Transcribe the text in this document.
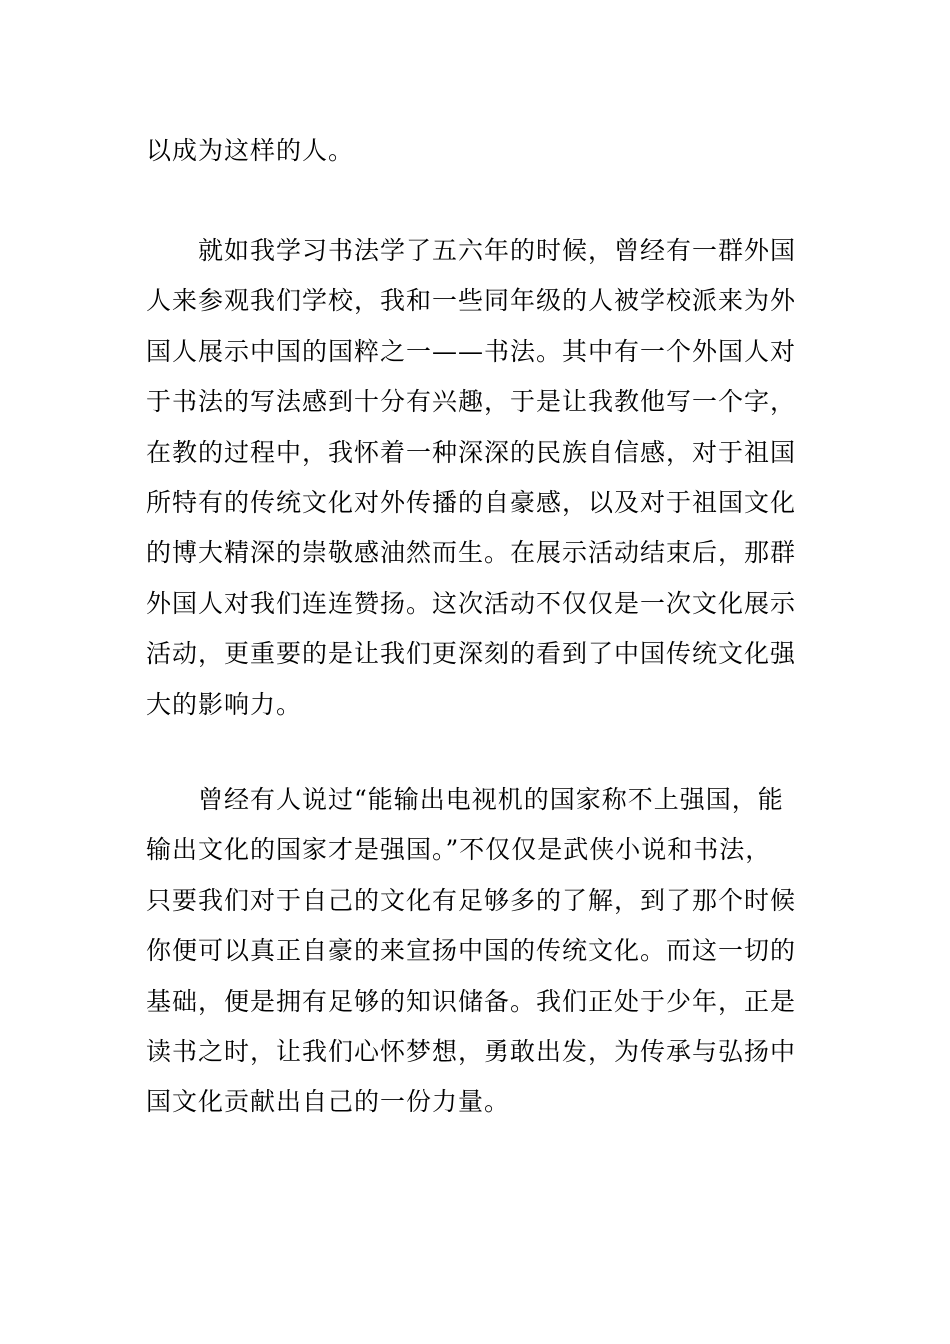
以成为这样的人。
就如我学习书法学了五六年的时候，曾经有一群外国
人来参观我们学校，我和一些同年级的人被学校派来为外
国人展示中国的国粹之一——书法。其中有一个外国人对
于书法的写法感到十分有兴趣，于是让我教他写一个字，
在教的过程中，我怀着一种深深的民族自信感，对于祖国
所特有的传统文化对外传播的自豪感，以及对于祖国文化
的博大精深的崇敬感油然而生。在展示活动结束后，那群
外国人对我们连连赞扬。这次活动不仅仅是一次文化展示
活动，更重要的是让我们更深刻的看到了中国传统文化强
大的影响力。
曾经有人说过“能输出电视机的国家称不上强国，能
输出文化的国家才是强国。”不仅仅是武侠小说和书法，
只要我们对于自己的文化有足够多的了解，到了那个时候
你便可以真正自豪的来宣扬中国的传统文化。而这一切的
基础，便是拥有足够的知识储备。我们正处于少年，正是
读书之时，让我们心怀梦想，勇敢出发，为传承与弘扬中
国文化贡献出自己的一份力量。
